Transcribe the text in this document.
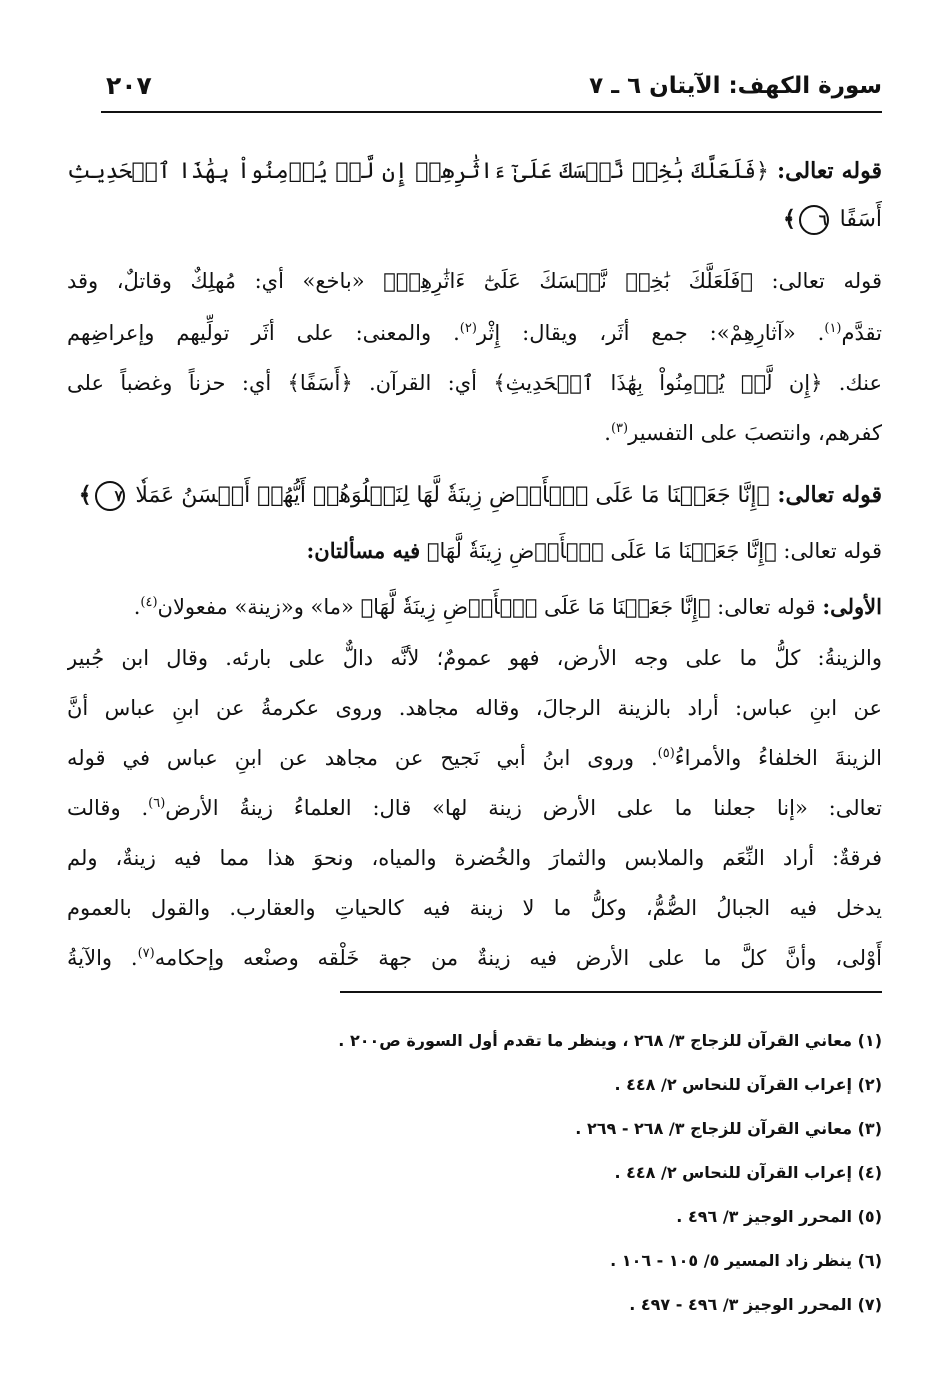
سورة الكهف: الآيتان ٦ ـ ٧
٢٠٧
قوله تعالى: ﴿فَلَعَلَّكَ بَٰخِعٞ نَّفۡسَكَ عَلَىٰٓ ءَاثَٰرِهِمۡ إِن لَّمۡ يُؤۡمِنُواْ بِهَٰذَا ٱلۡحَدِيثِ
أَسَفًا ٦﴾
قوله تعالى: ﴿فَلَعَلَّكَ بَٰخِعٞ نَّفۡسَكَ عَلَىٰٓ ءَاثَٰرِهِمۡ﴾ «باخع» أي: مُهلِكٌ وقاتلٌ، وقد
تقدَّم$^{(١)}$. «آثارِهِمْ»: جمع أثَر، ويقال: إِثْر$^{(٢)}$. والمعنى: على أثَر تولِّيهم وإعراضِهم
عنك. ﴿إِن لَّمۡ يُؤۡمِنُواْ بِهَٰذَا ٱلۡحَدِيثِ﴾ أي: القرآن. ﴿أَسَفًا﴾ أي: حزناً وغضباً على
كفرهم، وانتصبَ على التفسير$^{(٣)}$.
قوله تعالى: ﴿إِنَّا جَعَلۡنَا مَا عَلَى ٱلۡأَرۡضِ زِينَةٗ لَّهَا لِنَبۡلُوَهُمۡ أَيُّهُمۡ أَحۡسَنُ عَمَلٗا ٧﴾
قوله تعالى: ﴿إِنَّا جَعَلۡنَا مَا عَلَى ٱلۡأَرۡضِ زِينَةٗ لَّهَا﴾ فيه مسألتان:
الأولى: قوله تعالى: ﴿إِنَّا جَعَلۡنَا مَا عَلَى ٱلۡأَرۡضِ زِينَةٗ لَّهَا﴾ «ما» و«زينة» مفعولان$^{(٤)}$.
والزينةُ: كلُّ ما على وجه الأرض، فهو عمومٌ؛ لأنَّه دالٌّ على بارئه. وقال ابن جُبير
عن ابنِ عباس: أراد بالزينة الرجالَ، وقاله مجاهد. وروى عكرمةُ عن ابنِ عباس أنَّ
الزينةَ الخلفاءُ والأمراءُ$^{(٥)}$. وروى ابنُ أبي نَجيح عن مجاهد عن ابنِ عباس في قوله
تعالى: «إنا جعلنا ما على الأرض زينة لها» قال: العلماءُ زينةُ الأرض$^{(٦)}$. وقالت
فرقةٌ: أراد النِّعَم والملابس والثمارَ والخُضرة والمياه، ونحوَ هذا مما فيه زينةٌ، ولم
يدخل فيه الجبالُ الصُّمُّ، وكلُّ ما لا زينة فيه كالحياتِ والعقارب. والقول بالعموم
أَوْلى، وأنَّ كلَّ ما على الأرض فيه زينةٌ من جهة خَلْقه وصنْعه وإحكامه$^{(٧)}$. والآيةُ
(١) معاني القرآن للزجاج ٣/ ٢٦٨ ، وينظر ما تقدم أول السورة ص٢٠٠ .
(٢) إعراب القرآن للنحاس ٢/ ٤٤٨ .
(٣) معاني القرآن للزجاج ٣/ ٢٦٨ - ٢٦٩ .
(٤) إعراب القرآن للنحاس ٢/ ٤٤٨ .
(٥) المحرر الوجيز ٣/ ٤٩٦ .
(٦) ينظر زاد المسير ٥/ ١٠٥ - ١٠٦ .
(٧) المحرر الوجيز ٣/ ٤٩٦ - ٤٩٧ .
